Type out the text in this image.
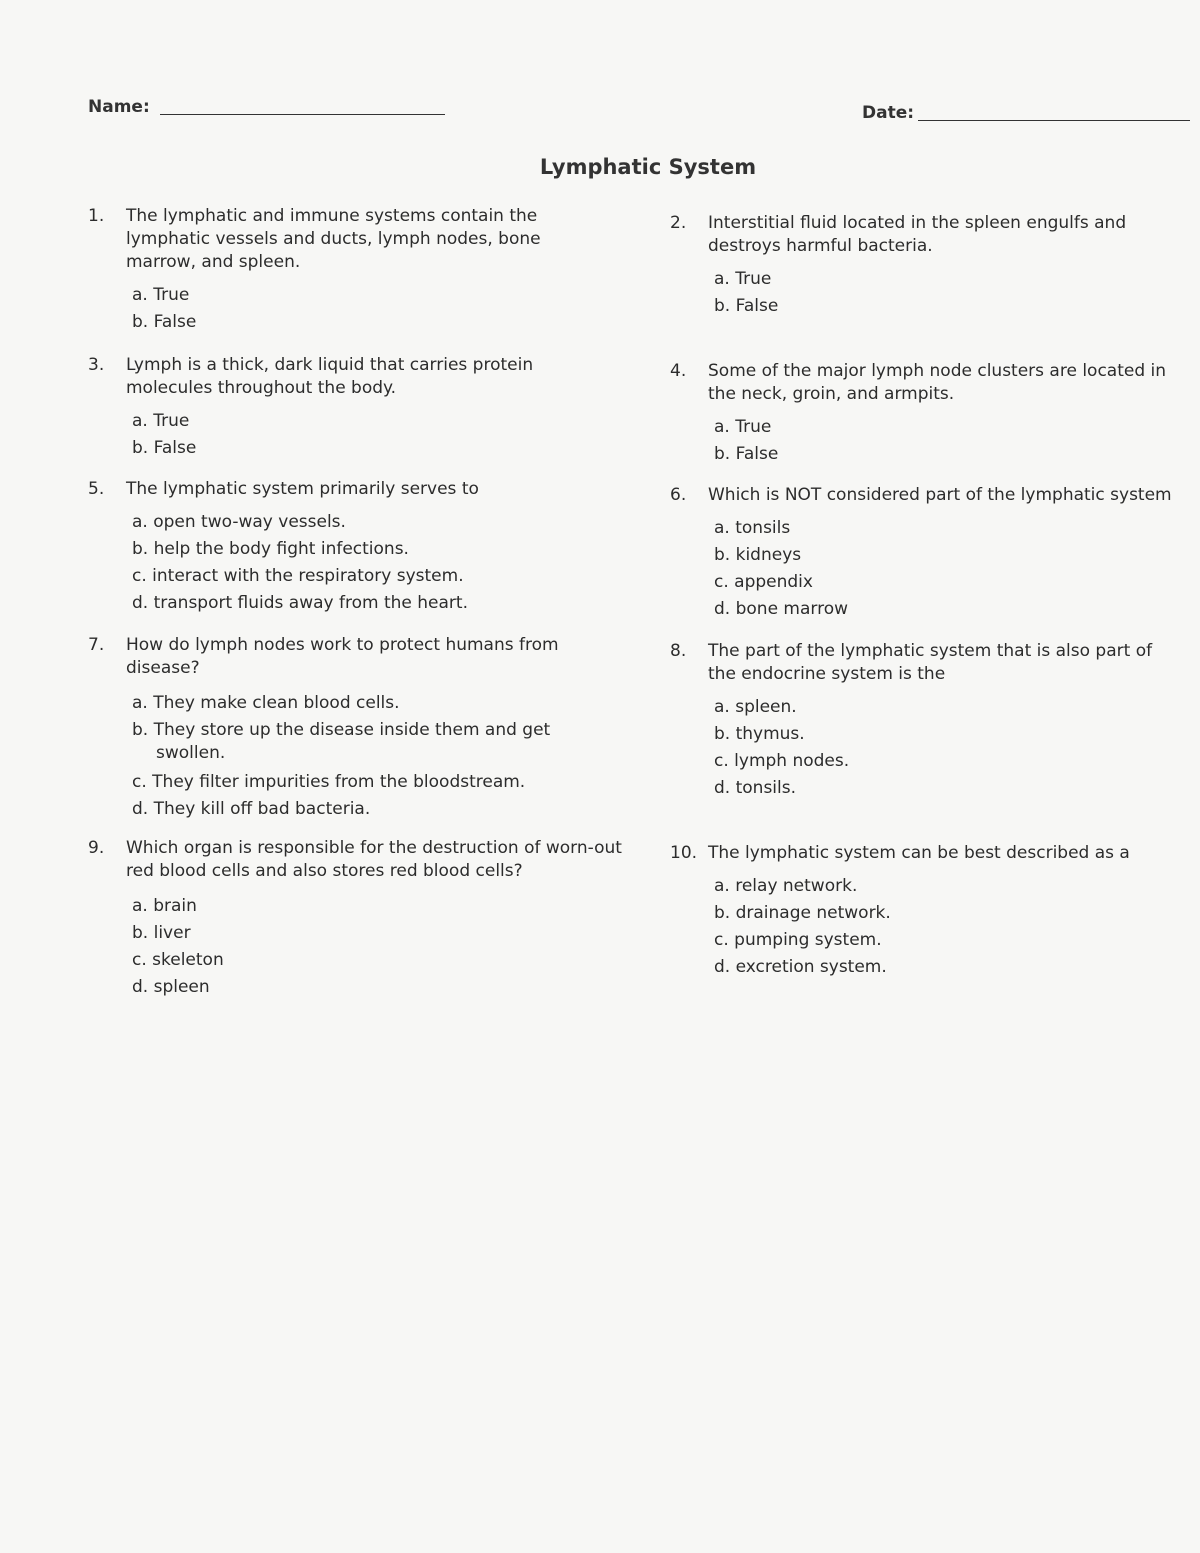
Name:	Date:
Lymphatic System
1. The lymphatic and immune systems contain the lymphatic vessels and ducts, lymph nodes, bone marrow, and spleen.
a. True
b. False
2. Interstitial fluid located in the spleen engulfs and destroys harmful bacteria.
a. True
b. False
3. Lymph is a thick, dark liquid that carries protein molecules throughout the body.
a. True
b. False
4. Some of the major lymph node clusters are located in the neck, groin, and armpits.
a. True
b. False
5. The lymphatic system primarily serves to
a. open two-way vessels.
b. help the body fight infections.
c. interact with the respiratory system.
d. transport fluids away from the heart.
6. Which is NOT considered part of the lymphatic system
a. tonsils
b. kidneys
c. appendix
d. bone marrow
7. How do lymph nodes work to protect humans from disease?
a. They make clean blood cells.
b. They store up the disease inside them and get swollen.
c. They filter impurities from the bloodstream.
d. They kill off bad bacteria.
8. The part of the lymphatic system that is also part of the endocrine system is the
a. spleen.
b. thymus.
c. lymph nodes.
d. tonsils.
9. Which organ is responsible for the destruction of worn-out red blood cells and also stores red blood cells?
a. brain
b. liver
c. skeleton
d. spleen
10. The lymphatic system can be best described as a
a. relay network.
b. drainage network.
c. pumping system.
d. excretion system.
